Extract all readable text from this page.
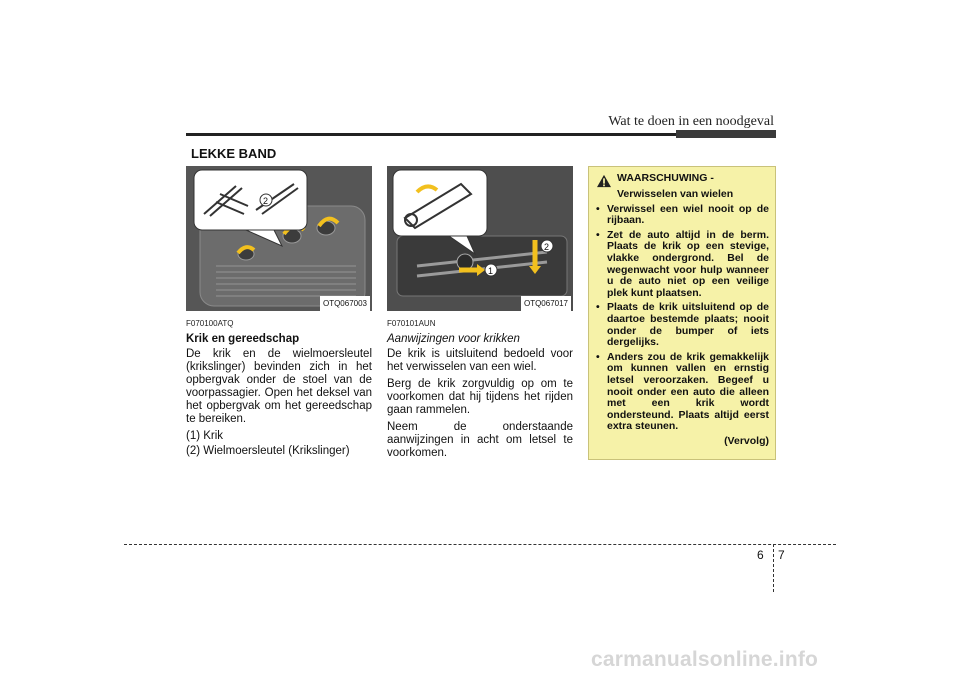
Wat te doen in een noodgeval
LEKKE BAND
2
OTQ067003
F070100ATQ
Krik en gereedschap
De krik en de wielmoersleutel (krikslinger) bevinden zich in het opbergvak onder de stoel van de voorpassagier. Open het deksel van het opbergvak om het gereedschap te bereiken.
(1) Krik
(2) Wielmoersleutel (Krikslinger)
1
2
OTQ067017
F070101AUN
Aanwijzingen voor krikken
De krik is uitsluitend bedoeld voor het verwisselen van een wiel.
Berg de krik zorgvuldig op om te voorkomen dat hij tijdens het rijden gaan rammelen.
Neem de onderstaande aanwijzingen in acht om letsel te voorkomen.
WAARSCHUWING -
Verwisselen van wielen
• Verwissel een wiel nooit op de rijbaan.
• Zet de auto altijd in de berm. Plaats de krik op een stevige, vlakke ondergrond. Bel de wegenwacht voor hulp wanneer u de auto niet op een veilige plek kunt plaatsen.
• Plaats de krik uitsluitend op de daartoe bestemde plaats; nooit onder de bumper of iets dergelijks.
• Anders zou de krik gemakkelijk om kunnen vallen en ernstig letsel veroorzaken. Begeef u nooit onder een auto die alleen met een krik wordt ondersteund. Plaats altijd eerst extra steunen.
(Vervolg)
6 7
carmanualsonline.info
